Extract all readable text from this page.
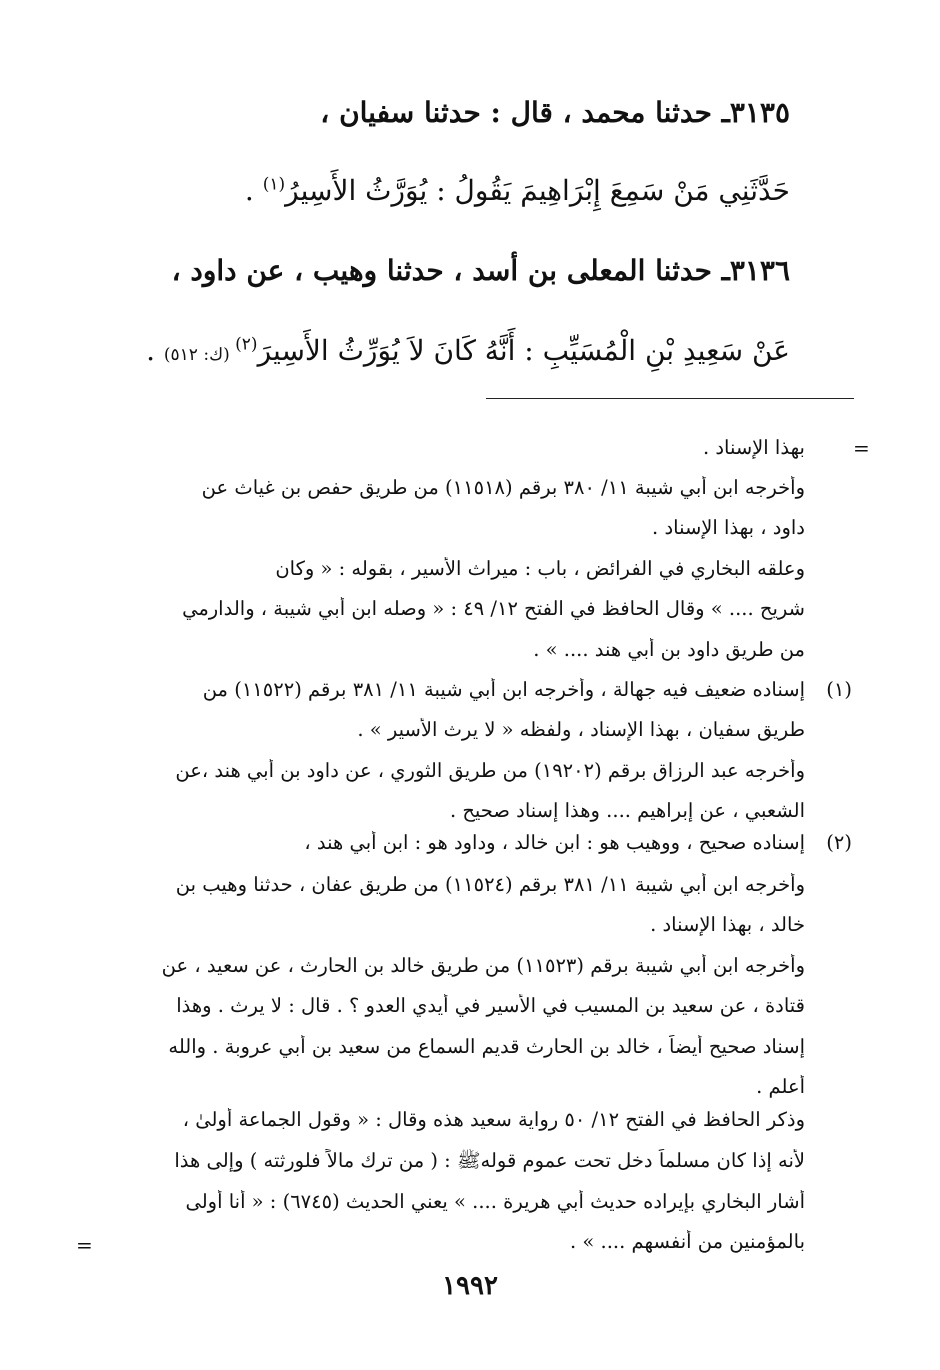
٣١٣٥ـ حدثنا محمد ، قال : حدثنا سفيان ،
حَدَّثَنِي مَنْ سَمِعَ إِبْرَاهِيمَ يَقُولُ : يُوَرَّثُ الأَسِيرُ$^{(١)}$ .
٣١٣٦ـ حدثنا المعلى بن أسد ، حدثنا وهيب ، عن داود ،
عَنْ سَعِيدِ بْنِ الْمُسَيِّبِ : أَنَّهُ كَانَ لاَ يُوَرِّثُ الأَسِيرَ$^{(٢)}$ (ك: ٥١٢) .
=
=
بهذا الإسناد .
وأخرجه ابن أبي شيبة ١١/ ٣٨٠ برقم (١١٥١٨) من طريق حفص بن غياث عن
داود ، بهذا الإسناد .
وعلقه البخاري في الفرائض ، باب : ميراث الأسير ، بقوله : « وكان
شريح .... » وقال الحافظ في الفتح ١٢/ ٤٩ : « وصله ابن أبي شيبة ، والدارمي
من طريق داود بن أبي هند .... » .
(١)
إسناده ضعيف فيه جهالة ، وأخرجه ابن أبي شيبة ١١/ ٣٨١ برقم (١١٥٢٢) من
طريق سفيان ، بهذا الإسناد ، ولفظه « لا يرث الأسير » .
وأخرجه عبد الرزاق برقم (١٩٢٠٢) من طريق الثوري ، عن داود بن أبي هند ،عن
الشعبي ، عن إبراهيم .... وهذا إسناد صحيح .
(٢)
إسناده صحيح ، ووهيب هو : ابن خالد ، وداود هو : ابن أبي هند ،
وأخرجه ابن أبي شيبة ١١/ ٣٨١ برقم (١١٥٢٤) من طريق عفان ، حدثنا وهيب بن
خالد ، بهذا الإسناد .
وأخرجه ابن أبي شيبة برقم (١١٥٢٣) من طريق خالد بن الحارث ، عن سعيد ، عن
قتادة ، عن سعيد بن المسيب في الأسير في أيدي العدو ؟ . قال : لا يرث . وهذا
إسناد صحيح أيضاً ، خالد بن الحارث قديم السماع من سعيد بن أبي عروبة . والله
أعلم .
وذكر الحافظ في الفتح ١٢/ ٥٠ رواية سعيد هذه وقال : « وقول الجماعة أولىٰ ،
لأنه إذا كان مسلماً دخل تحت عموم قولهﷺ : ( من ترك مالاً فلورثته ) وإلى هذا
أشار البخاري بإيراده حديث أبي هريرة .... » يعني الحديث (٦٧٤٥) : « أنا أولى
بالمؤمنين من أنفسهم .... » .
١٩٩٢
